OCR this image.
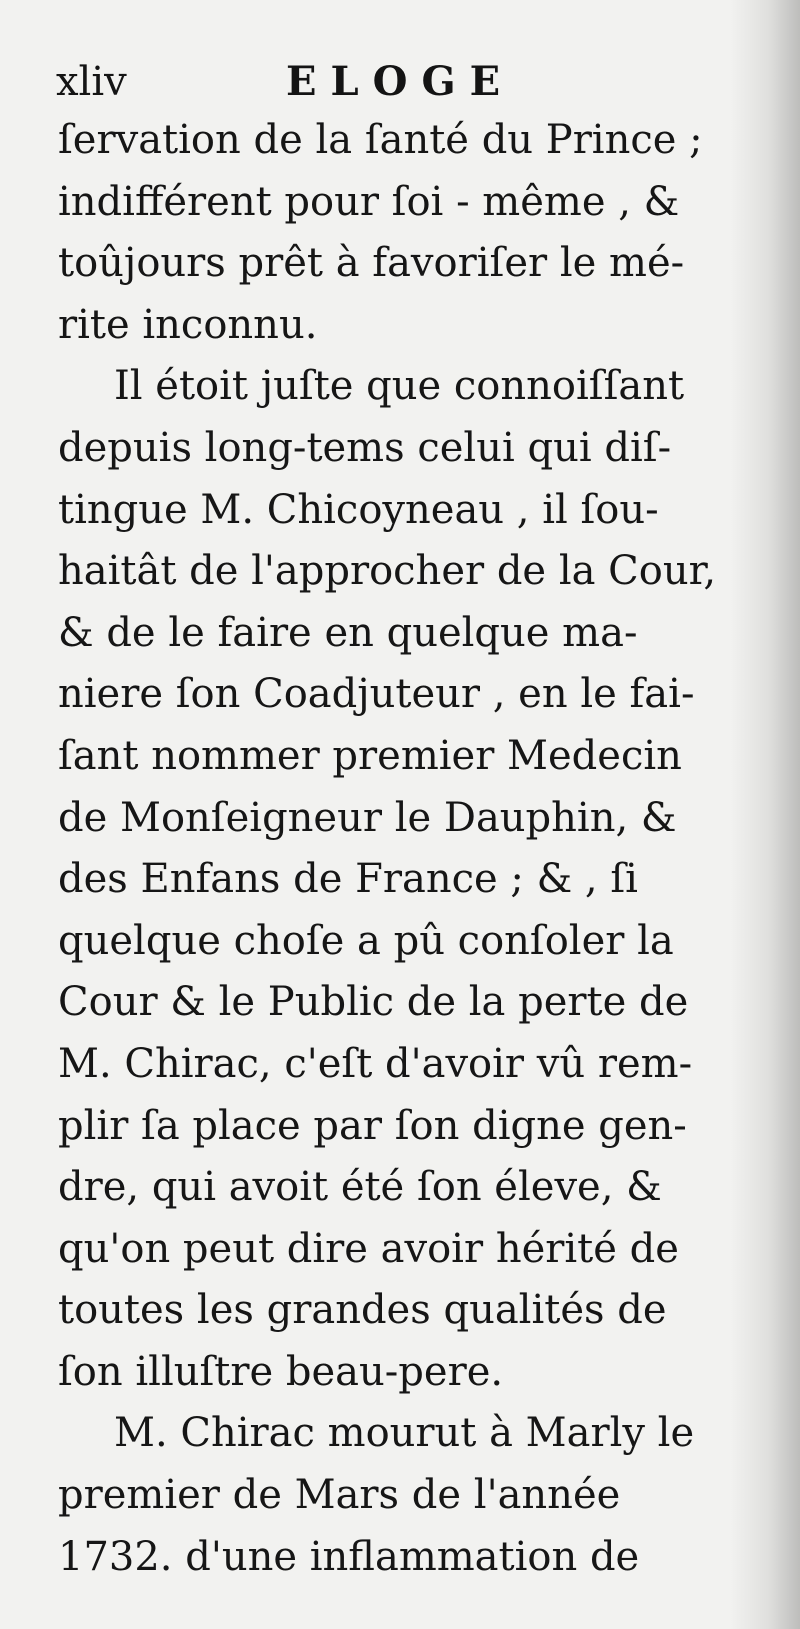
xliv	ELOGE
ſervation de la ſanté du Prince ;
indifférent pour ſoi - même , &
toûjours prêt à favoriſer le mé-
rite inconnu.
Il étoit juſte que connoiſſant
depuis long-tems celui qui diſ-
tingue M. Chicoyneau , il ſou-
haitât de l'approcher de la Cour,
& de le faire en quelque ma-
niere ſon Coadjuteur , en le fai-
ſant nommer premier Medecin
de Monſeigneur le Dauphin, &
des Enfans de France ; & , ſi
quelque choſe a pû conſoler la
Cour & le Public de la perte de
M. Chirac, c'eſt d'avoir vû rem-
plir ſa place par ſon digne gen-
dre, qui avoit été ſon éleve, &
qu'on peut dire avoir hérité de
toutes les grandes qualités de
ſon illuſtre beau-pere.
M. Chirac mourut à Marly le
premier de Mars de l'année
1732. d'une inflammation de
